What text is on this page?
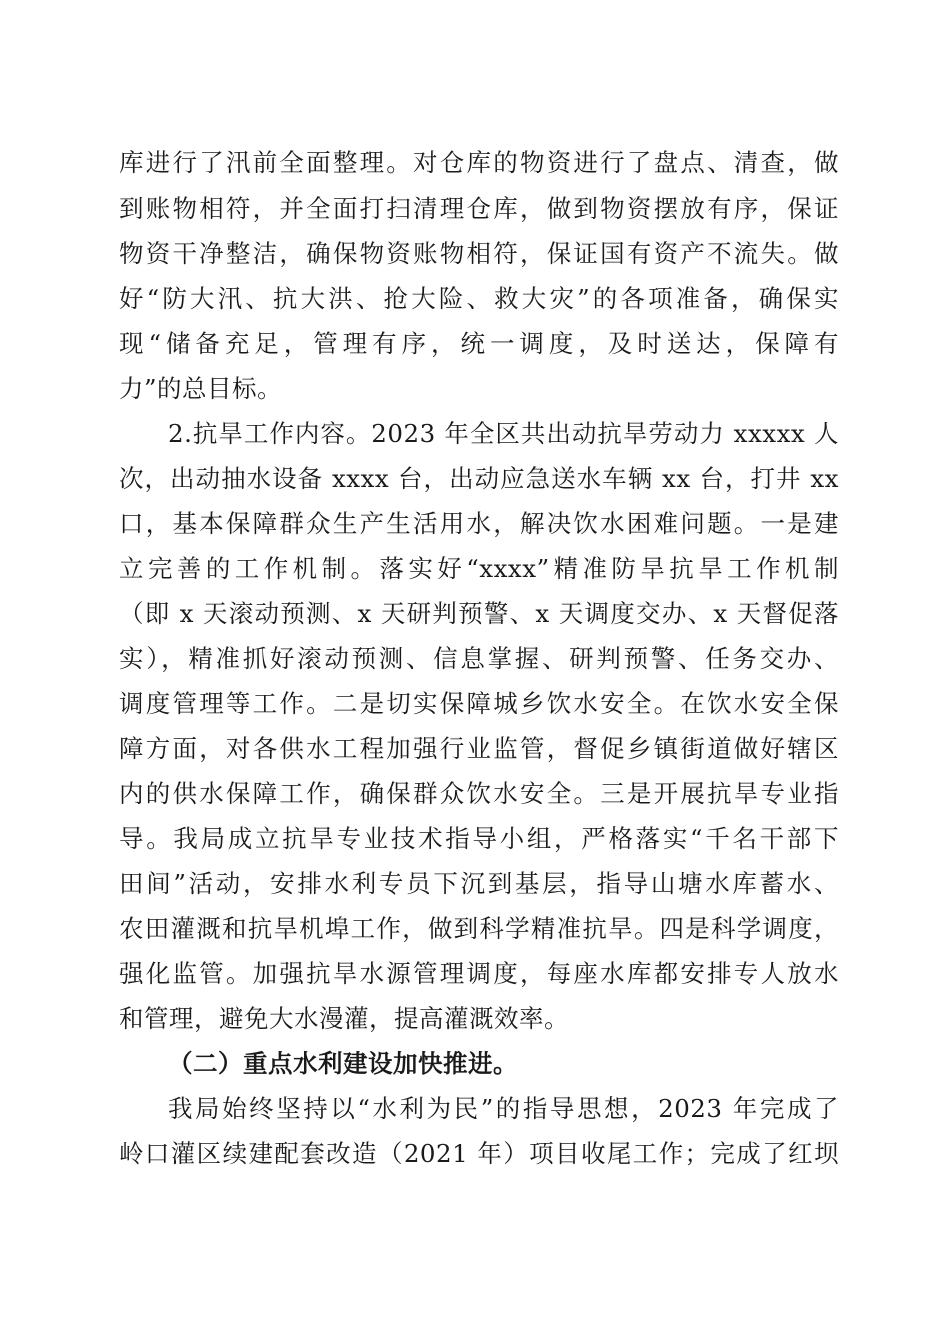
库进行了汛前全面整理。对仓库的物资进行了盘点、清查，做
到账物相符，并全面打扫清理仓库，做到物资摆放有序，保证
物资干净整洁，确保物资账物相符，保证国有资产不流失。做
好“防大汛、抗大洪、抢大险、救大灾”的各项准备，确保实
现“储备充足，管理有序，统一调度，及时送达，保障有
力”的总目标。
2.抗旱工作内容。2023 年全区共出动抗旱劳动力 xxxxx 人
次，出动抽水设备 xxxx 台，出动应急送水车辆 xx 台，打井 xx
口，基本保障群众生产生活用水，解决饮水困难问题。一是建
立完善的工作机制。落实好“xxxx”精准防旱抗旱工作机制
（即 x 天滚动预测、x 天研判预警、x 天调度交办、x 天督促落
实），精准抓好滚动预测、信息掌握、研判预警、任务交办、
调度管理等工作。二是切实保障城乡饮水安全。在饮水安全保
障方面，对各供水工程加强行业监管，督促乡镇街道做好辖区
内的供水保障工作，确保群众饮水安全。三是开展抗旱专业指
导。我局成立抗旱专业技术指导小组，严格落实“千名干部下
田间”活动，安排水利专员下沉到基层，指导山塘水库蓄水、
农田灌溉和抗旱机埠工作，做到科学精准抗旱。四是科学调度，
强化监管。加强抗旱水源管理调度，每座水库都安排专人放水
和管理，避免大水漫灌，提高灌溉效率。
（二）重点水利建设加快推进。
我局始终坚持以“水利为民”的指导思想，2023 年完成了
岭口灌区续建配套改造（2021 年）项目收尾工作；完成了红坝
